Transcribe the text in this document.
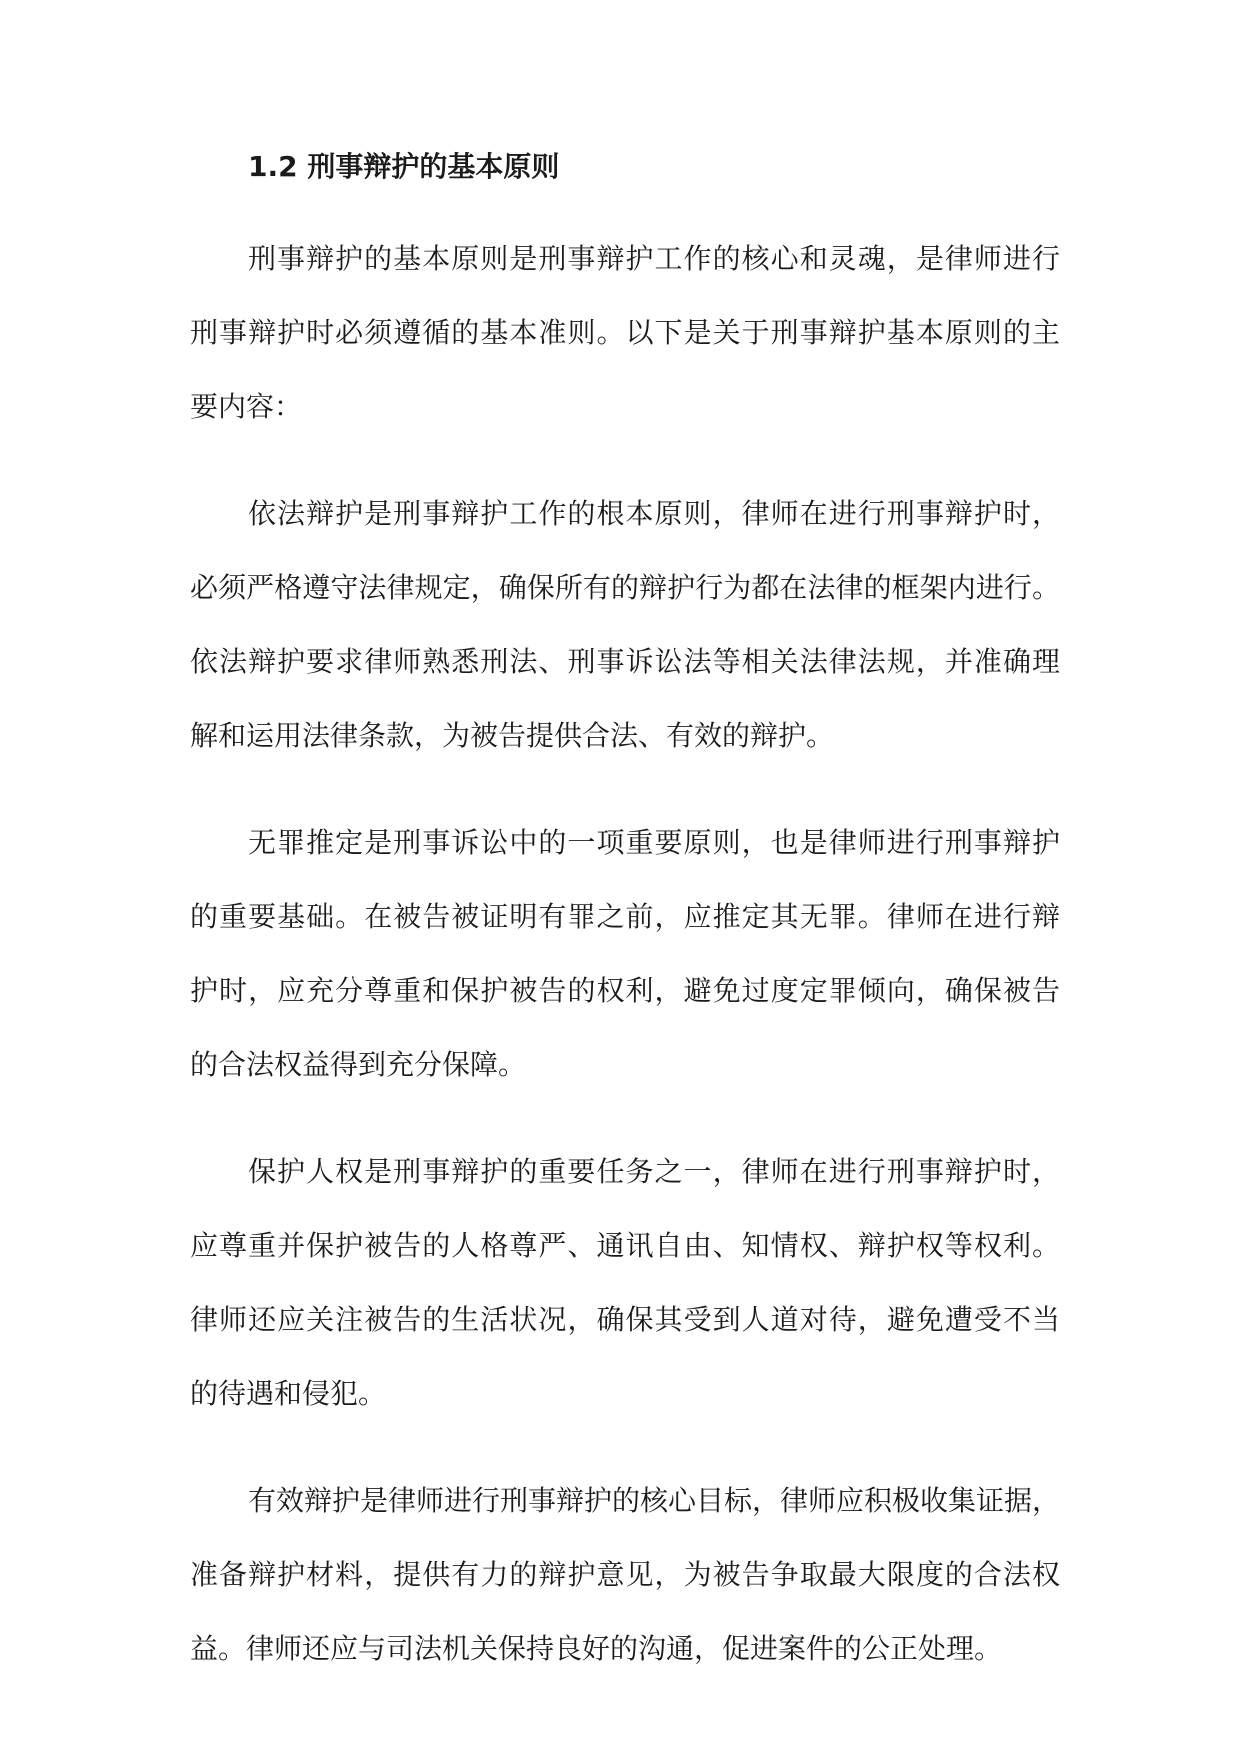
1.2 刑事辩护的基本原则

刑事辩护的基本原则是刑事辩护工作的核心和灵魂，是律师进行
刑事辩护时必须遵循的基本准则。以下是关于刑事辩护基本原则的主
要内容：

依法辩护是刑事辩护工作的根本原则，律师在进行刑事辩护时，
必须严格遵守法律规定，确保所有的辩护行为都在法律的框架内进行。
依法辩护要求律师熟悉刑法、刑事诉讼法等相关法律法规，并准确理
解和运用法律条款，为被告提供合法、有效的辩护。

无罪推定是刑事诉讼中的一项重要原则，也是律师进行刑事辩护
的重要基础。在被告被证明有罪之前，应推定其无罪。律师在进行辩
护时，应充分尊重和保护被告的权利，避免过度定罪倾向，确保被告
的合法权益得到充分保障。

保护人权是刑事辩护的重要任务之一，律师在进行刑事辩护时，
应尊重并保护被告的人格尊严、通讯自由、知情权、辩护权等权利。
律师还应关注被告的生活状况，确保其受到人道对待，避免遭受不当
的待遇和侵犯。

有效辩护是律师进行刑事辩护的核心目标，律师应积极收集证据，
准备辩护材料，提供有力的辩护意见，为被告争取最大限度的合法权
益。律师还应与司法机关保持良好的沟通，促进案件的公正处理。
